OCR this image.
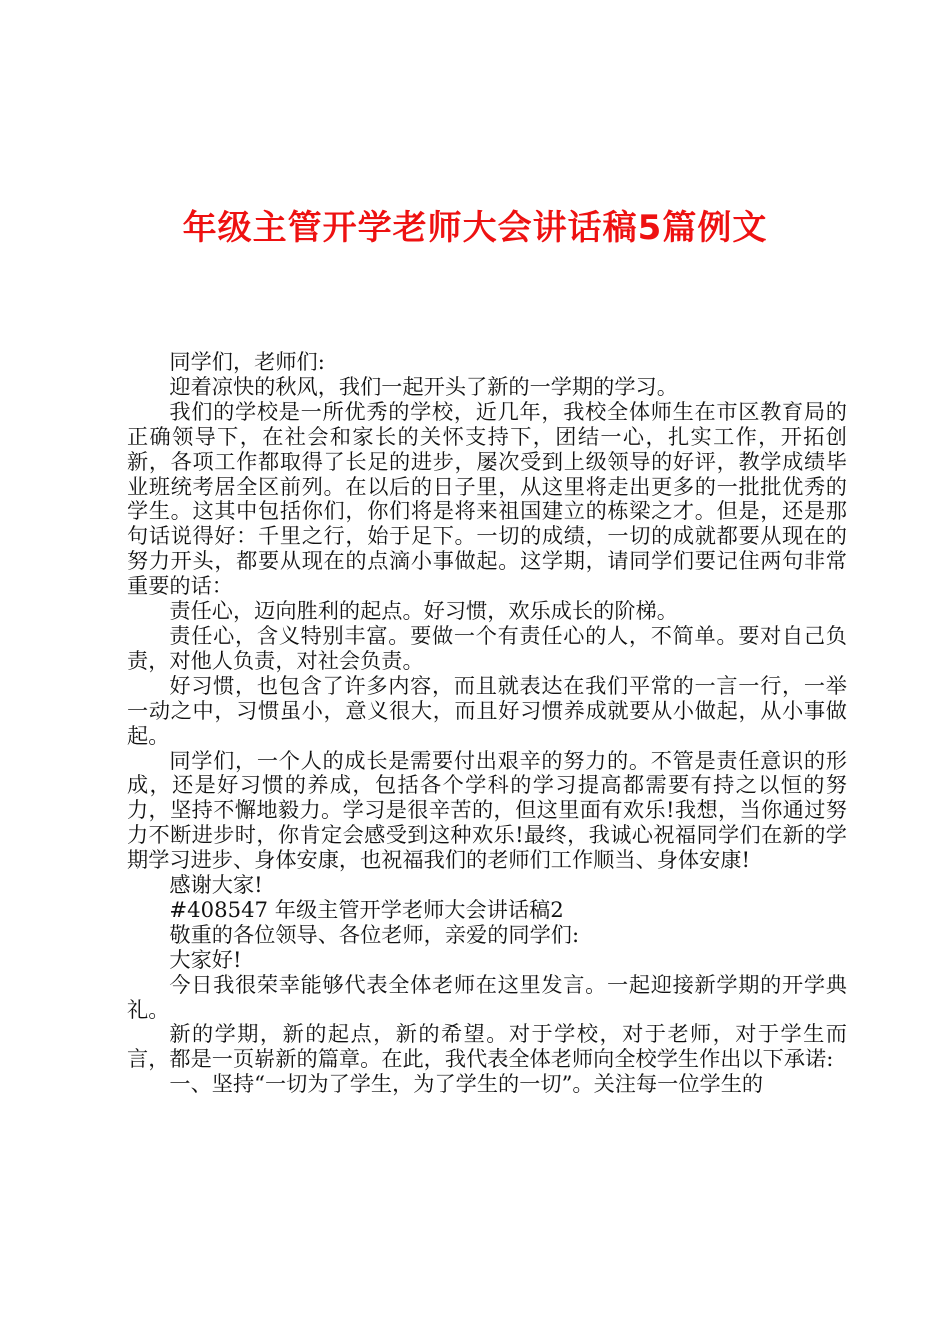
年级主管开学老师大会讲话稿5篇例文

同学们，老师们:

迎着凉快的秋风，我们一起开头了新的一学期的学习。

我们的学校是一所优秀的学校，近几年，我校全体师生在市区教育局的正确领导下，在社会和家长的关怀支持下，团结一心，扎实工作，开拓创新，各项工作都取得了长足的进步，屡次受到上级领导的好评，教学成绩毕业班统考居全区前列。在以后的日子里，从这里将走出更多的一批批优秀的学生。这其中包括你们，你们将是将来祖国建立的栋梁之才。但是，还是那句话说得好：千里之行，始于足下。一切的成绩，一切的成就都要从现在的努力开头，都要从现在的点滴小事做起。这学期，请同学们要记住两句非常重要的话：

责任心，迈向胜利的起点。好习惯，欢乐成长的阶梯。

责任心，含义特别丰富。要做一个有责任心的人，不简单。要对自己负责，对他人负责，对社会负责。

好习惯，也包含了许多内容，而且就表达在我们平常的一言一行，一举一动之中，习惯虽小，意义很大，而且好习惯养成就要从小做起，从小事做起。

同学们，一个人的成长是需要付出艰辛的努力的。不管是责任意识的形成，还是好习惯的养成，包括各个学科的学习提高都需要有持之以恒的努力，坚持不懈地毅力。学习是很辛苦的，但这里面有欢乐!我想，当你通过努力不断进步时，你肯定会感受到这种欢乐!最终，我诚心祝福同学们在新的学期学习进步、身体安康，也祝福我们的老师们工作顺当、身体安康!

感谢大家!

#408547 年级主管开学老师大会讲话稿2

敬重的各位领导、各位老师，亲爱的同学们:

大家好!

今日我很荣幸能够代表全体老师在这里发言。一起迎接新学期的开学典礼。

新的学期，新的起点，新的希望。对于学校，对于老师，对于学生而言，都是一页崭新的篇章。在此，我代表全体老师向全校学生作出以下承诺:

一、坚持“一切为了学生，为了学生的一切”。关注每一位学生的
